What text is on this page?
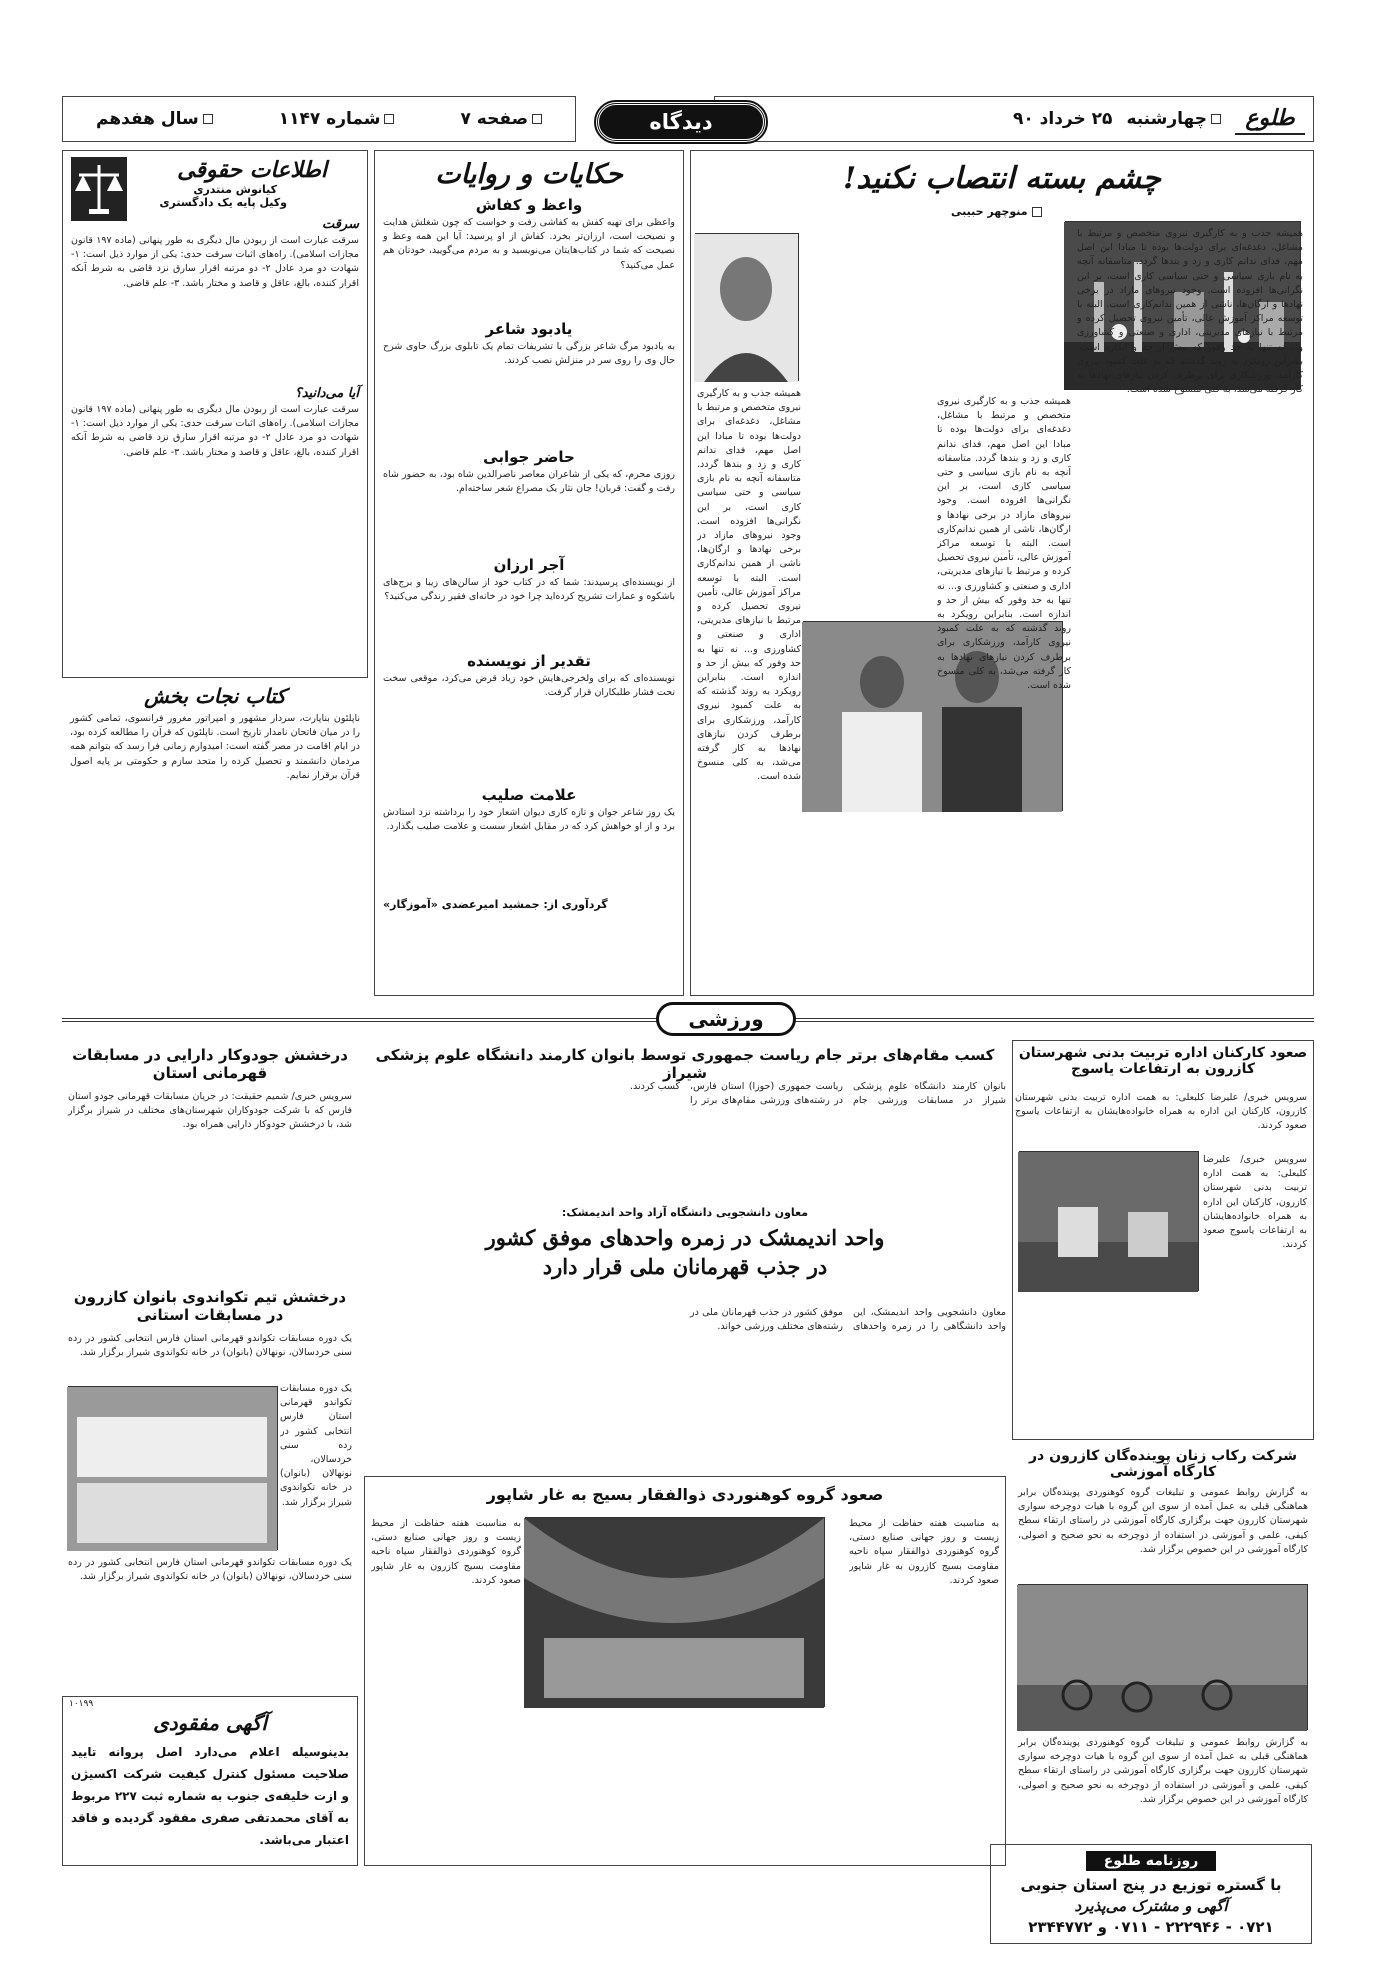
صفحه ۷
شماره ۱۱۴۷
سال هفدهم	طلوع
چهارشنبه
۲۵ خرداد ۹۰
دیدگاه
چشم بسته انتصاب نکنید!
منوچهر حبیبی
همیشه جذب و به کارگیری نیروی متخصص و مرتبط با مشاغل، دغدغه‌ای برای دولت‌ها بوده تا مبادا این اصل مهم، فدای ندانم کاری و زد و بندها گردد. متاسفانه آنچه به نام بازی سیاسی و حتی سیاسی کاری است، بر این نگرانی‌ها افزوده است. وجود نیروهای مازاد در برخی نهادها و ارگان‌ها، ناشی از همین ندانم‌کاری است. البته با توسعه مراکز آموزش عالی، تأمین نیروی تحصیل کرده و مرتبط با نیازهای مدیریتی، اداری و صنعتی و کشاورزی و... نه تنها به حد وفور که بیش از حد و اندازه است. بنابراین رویکرد به روند گذشته که به علت کمبود نیروی کارآمد، ورزشکاری برای برطرف کردن نیازهای نهادها به کار گرفته می‌شد، به کلی منسوخ شده است.
همیشه جذب و به کارگیری نیروی متخصص و مرتبط با مشاغل، دغدغه‌ای برای دولت‌ها بوده تا مبادا این اصل مهم، فدای ندانم کاری و زد و بندها گردد. متاسفانه آنچه به نام بازی سیاسی و حتی سیاسی کاری است، بر این نگرانی‌ها افزوده است. وجود نیروهای مازاد در برخی نهادها و ارگان‌ها، ناشی از همین ندانم‌کاری است. البته با توسعه مراکز آموزش عالی، تأمین نیروی تحصیل کرده و مرتبط با نیازهای مدیریتی، اداری و صنعتی و کشاورزی و... نه تنها به حد وفور که بیش از حد و اندازه است. بنابراین رویکرد به روند گذشته که به علت کمبود نیروی کارآمد، ورزشکاری برای برطرف کردن نیازهای نهادها به کار گرفته می‌شد، به کلی منسوخ شده است.
همیشه جذب و به کارگیری نیروی متخصص و مرتبط با مشاغل، دغدغه‌ای برای دولت‌ها بوده تا مبادا این اصل مهم، فدای ندانم کاری و زد و بندها گردد. متاسفانه آنچه به نام بازی سیاسی و حتی سیاسی کاری است، بر این نگرانی‌ها افزوده است. وجود نیروهای مازاد در برخی نهادها و ارگان‌ها، ناشی از همین ندانم‌کاری است. البته با توسعه مراکز آموزش عالی، تأمین نیروی تحصیل کرده و مرتبط با نیازهای مدیریتی، اداری و صنعتی و کشاورزی و... نه تنها به حد وفور که بیش از حد و اندازه است. بنابراین رویکرد به روند گذشته که به علت کمبود نیروی کارآمد، ورزشکاری برای برطرف کردن نیازهای نهادها به کار گرفته می‌شد، به کلی منسوخ شده است.
حکایات و روایات
واعظ و کفاش
واعظی برای تهیه کفش به کفاشی رفت و خواست که چون شغلش هدایت و نصیحت است، ارزان‌تر بخرد. کفاش از او پرسید: آیا این همه وعظ و نصیحت که شما در کتاب‌هایتان می‌نویسید و به مردم می‌گویید، خودتان هم عمل می‌کنید؟
یادبود شاعر
به یادبود مرگ شاعر بزرگی با تشریفات تمام یک تابلوی بزرگ حاوی شرح حال وی را روی سر در منزلش نصب کردند.
حاضر جوابی
روزی محرم، که یکی از شاعران معاصر ناصرالدین شاه بود، به حضور شاه رفت و گفت: قربان! جان نثار یک مصراع شعر ساخته‌ام.
آجر ارزان
از نویسنده‌ای پرسیدند: شما که در کتاب خود از سالن‌های زیبا و برج‌های باشکوه و عمارات تشریح کرده‌اید چرا خود در خانه‌ای فقیر زندگی می‌کنید؟
تقدیر از نویسنده
نویسنده‌ای که برای ولخرجی‌هایش خود زیاد قرض می‌کرد، موقعی سخت تحت فشار طلبکاران قرار گرفت.
علامت صلیب
یک روز شاعر جوان و تازه کاری دیوان اشعار خود را برداشته نزد استادش برد و از او خواهش کرد که در مقابل اشعار سست و علامت صلیب بگذارد.
گردآوری از: جمشید امیرعضدی «آموزگار»
اطلاعات حقوقی
کیانوش منتدری
وکیل پایه یک دادگستری
سرقت
سرقت عبارت است از ربودن مال دیگری به طور پنهانی (ماده ۱۹۷ قانون مجازات اسلامی). راه‌های اثبات سرقت حدی: یکی از موارد ذیل است: ۱- شهادت دو مرد عادل ۲- دو مرتبه اقرار سارق نزد قاضی به شرط آنکه اقرار کننده، بالغ، عاقل و قاصد و مختار باشد. ۳- علم قاضی.
آیا می‌دانید؟
سرقت عبارت است از ربودن مال دیگری به طور پنهانی (ماده ۱۹۷ قانون مجازات اسلامی). راه‌های اثبات سرقت حدی: یکی از موارد ذیل است: ۱- شهادت دو مرد عادل ۲- دو مرتبه اقرار سارق نزد قاضی به شرط آنکه اقرار کننده، بالغ، عاقل و قاصد و مختار باشد. ۳- علم قاضی.
کتاب نجات بخش
ناپلئون بناپارت، سردار مشهور و امپراتور مغرور فرانسوی، تمامی کشور را در میان فاتحان نامدار تاریخ است. ناپلئون که قرآن را مطالعه کرده بود، در ایام اقامت در مصر گفته است: امیدوارم زمانی فرا رسد که بتوانم همه مردمان دانشمند و تحصیل کرده را متحد سازم و حکومتی بر پایه اصول قرآن برقرار نمایم.
ورزشی
صعود کارکنان اداره تربیت بدنی شهرستان کازرون به ارتفاعات یاسوج
سرویس خبری/ علیرضا کلبعلی: به همت اداره تربیت بدنی شهرستان کازرون، کارکنان این اداره به همراه خانواده‌هایشان به ارتفاعات یاسوج صعود کردند.
سرویس خبری/ علیرضا کلبعلی: به همت اداره تربیت بدنی شهرستان کازرون، کارکنان این اداره به همراه خانواده‌هایشان به ارتفاعات یاسوج صعود کردند.
شرکت رکاب زنان پوینده‌گان کازرون در کارگاه آموزشی
به گزارش روابط عمومی و تبلیغات گروه کوهنوردی پوینده‌گان برابر هماهنگی قبلی به عمل آمده از سوی این گروه با هیات دوچرخه سواری شهرستان کازرون جهت برگزاری کارگاه آموزشی در راستای ارتقاء سطح کیفی، علمی و آموزشی در استفاده از دوچرخه به نحو صحیح و اصولی، کارگاه آموزشی در این خصوص برگزار شد.
به گزارش روابط عمومی و تبلیغات گروه کوهنوردی پوینده‌گان برابر هماهنگی قبلی به عمل آمده از سوی این گروه با هیات دوچرخه سواری شهرستان کازرون جهت برگزاری کارگاه آموزشی در راستای ارتقاء سطح کیفی، علمی و آموزشی در استفاده از دوچرخه به نحو صحیح و اصولی، کارگاه آموزشی در این خصوص برگزار شد.
روزنامه طلوع
با گستره توزیع در پنج استان جنوبی
آگهی و مشترک می‌پذیرد
۰۷۲۱ - ۲۲۲۹۴۶ - ۰۷۱۱ و ۲۳۴۴۷۷۲
کسب مقام‌های برتر جام ریاست جمهوری توسط بانوان کارمند دانشگاه علوم پزشکی شیراز
بانوان کارمند دانشگاه علوم پزشکی شیراز در مسابقات ورزشی جام ریاست جمهوری (حوزا) استان فارس، در رشته‌های ورزشی مقام‌های برتر را کسب کردند.
معاون دانشجویی دانشگاه آزاد واحد اندیمشک:
واحد اندیمشک در زمره واحدهای موفق کشور
در جذب قهرمانان ملی قرار دارد
معاون دانشجویی واحد اندیمشک، این واحد دانشگاهی را در زمره واحدهای موفق کشور در جذب قهرمانان ملی در رشته‌های مختلف ورزشی خواند.
صعود گروه کوهنوردی ذوالفقار بسیج به غار شاپور
به مناسبت هفته حفاظت از محیط زیست و روز جهانی صنایع دستی، گروه کوهنوردی ذوالفقار سپاه ناحیه مقاومت بسیج کازرون به غار شاپور صعود کردند.
به مناسبت هفته حفاظت از محیط زیست و روز جهانی صنایع دستی، گروه کوهنوردی ذوالفقار سپاه ناحیه مقاومت بسیج کازرون به غار شاپور صعود کردند.
درخشش جودوکار دارایی در مسابقات قهرمانی استان
سرویس خبری/ شمیم حقیقت: در جریان مسابقات قهرمانی جودو استان فارس که با شرکت جودوکاران شهرستان‌های مختلف در شیراز برگزار شد، با درخشش جودوکار دارایی همراه بود.
درخشش تیم تکواندوی بانوان کازرون در مسابقات استانی
یک دوره مسابقات تکواندو قهرمانی استان فارس انتخابی کشور در رده سنی خردسالان، نونهالان (بانوان) در خانه تکواندوی شیراز برگزار شد.
یک دوره مسابقات تکواندو قهرمانی استان فارس انتخابی کشور در رده سنی خردسالان، نونهالان (بانوان) در خانه تکواندوی شیراز برگزار شد.
یک دوره مسابقات تکواندو قهرمانی استان فارس انتخابی کشور در رده سنی خردسالان، نونهالان (بانوان) در خانه تکواندوی شیراز برگزار شد.
۱۰۱۹۹
آگهی مفقودی
بدینوسیله اعلام می‌دارد اصل پروانه تایید صلاحیت مسئول کنترل کیفیت شرکت اکسیژن و ازت خلیفه‌ی جنوب به شماره ثبت ۲۲۷ مربوط به آقای محمدتقی صفری مفقود گردیده و فاقد اعتبار می‌باشد.
